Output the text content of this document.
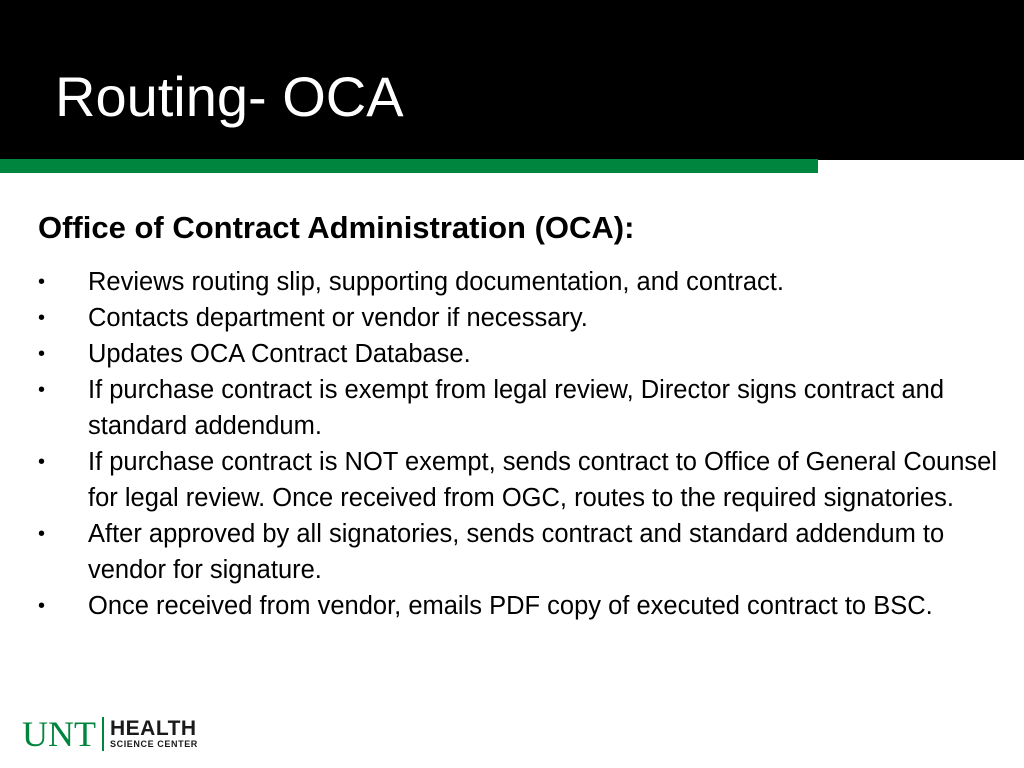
Routing- OCA
Office of Contract Administration (OCA):
•	Reviews routing slip, supporting documentation, and contract.
•	Contacts department or vendor if necessary.
•	Updates OCA Contract Database.
•	If purchase contract is exempt from legal review, Director signs contract and standard addendum.
•	If purchase contract is NOT exempt, sends contract to Office of General Counsel for legal review. Once received from OGC, routes to the required signatories.
•	After approved by all signatories, sends contract and standard addendum to vendor for signature.
•	Once received from vendor, emails PDF copy of executed contract to BSC.
UNT HEALTH
SCIENCE CENTER
